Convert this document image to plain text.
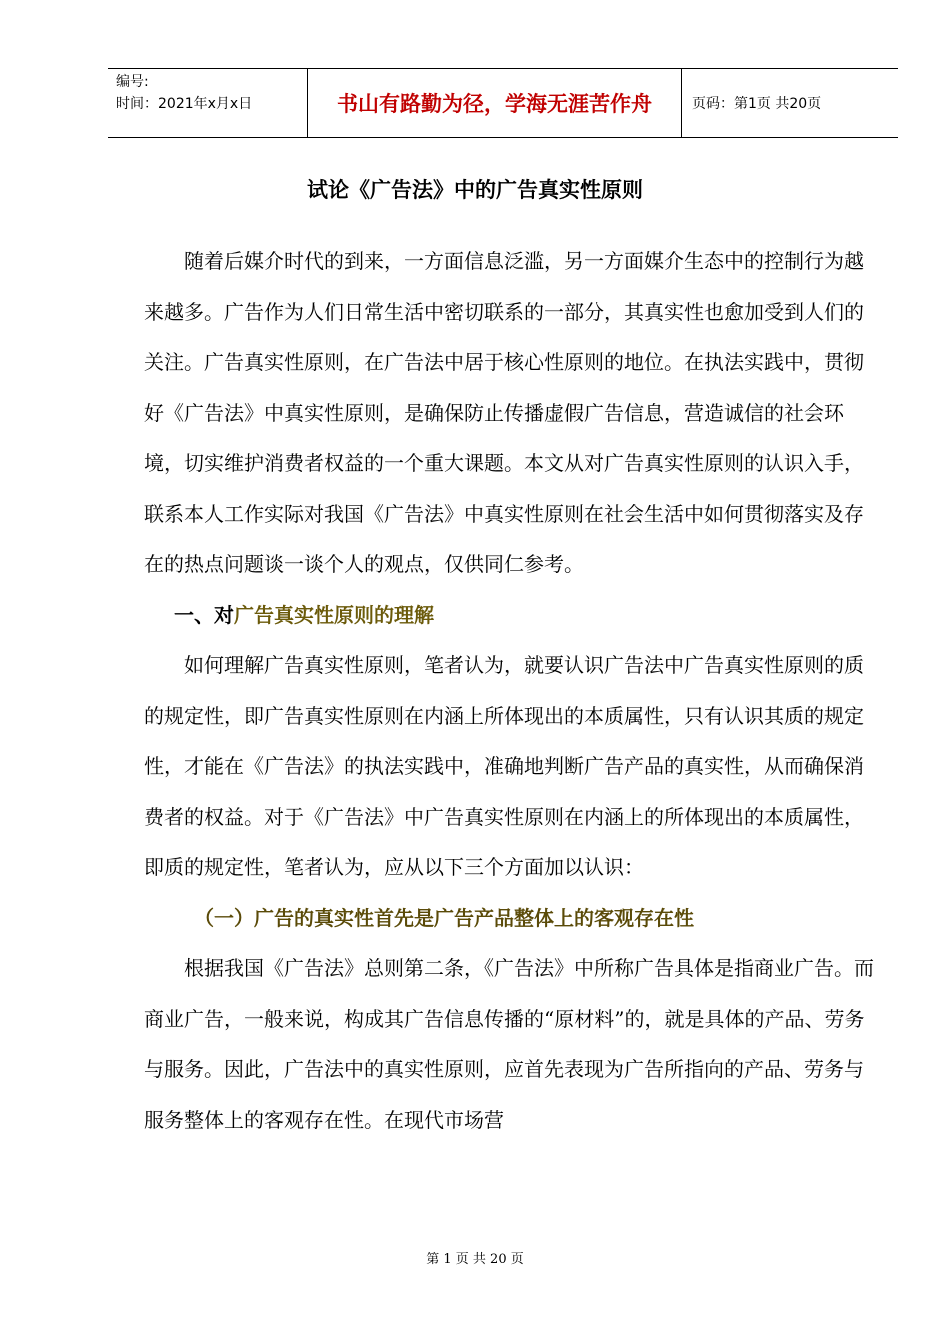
编号:
时间：2021年x月x日	书山有路勤为径，学海无涯苦作舟	页码：第1页 共20页
试论《广告法》中的广告真实性原则

随着后媒介时代的到来，一方面信息泛滥，另一方面媒介生态中的控制行为越来越多。广告作为人们日常生活中密切联系的一部分，其真实性也愈加受到人们的关注。广告真实性原则，在广告法中居于核心性原则的地位。在执法实践中，贯彻好《广告法》中真实性原则，是确保防止传播虚假广告信息，营造诚信的社会环境，切实维护消费者权益的一个重大课题。本文从对广告真实性原则的认识入手，联系本人工作实际对我国《广告法》中真实性原则在社会生活中如何贯彻落实及存在的热点问题谈一谈个人的观点，仅供同仁参考。

一、对广告真实性原则的理解

如何理解广告真实性原则，笔者认为，就要认识广告法中广告真实性原则的质的规定性，即广告真实性原则在内涵上所体现出的本质属性，只有认识其质的规定性，才能在《广告法》的执法实践中，准确地判断广告产品的真实性，从而确保消费者的权益。对于《广告法》中广告真实性原则在内涵上的所体现出的本质属性，即质的规定性，笔者认为，应从以下三个方面加以认识：

（一）广告的真实性首先是广告产品整体上的客观存在性

根据我国《广告法》总则第二条，《广告法》中所称广告具体是指商业广告。而商业广告，一般来说，构成其广告信息传播的“原材料”的，就是具体的产品、劳务与服务。因此，广告法中的真实性原则，应首先表现为广告所指向的产品、劳务与服务整体上的客观存在性。在现代市场营

第 1 页 共 20 页
